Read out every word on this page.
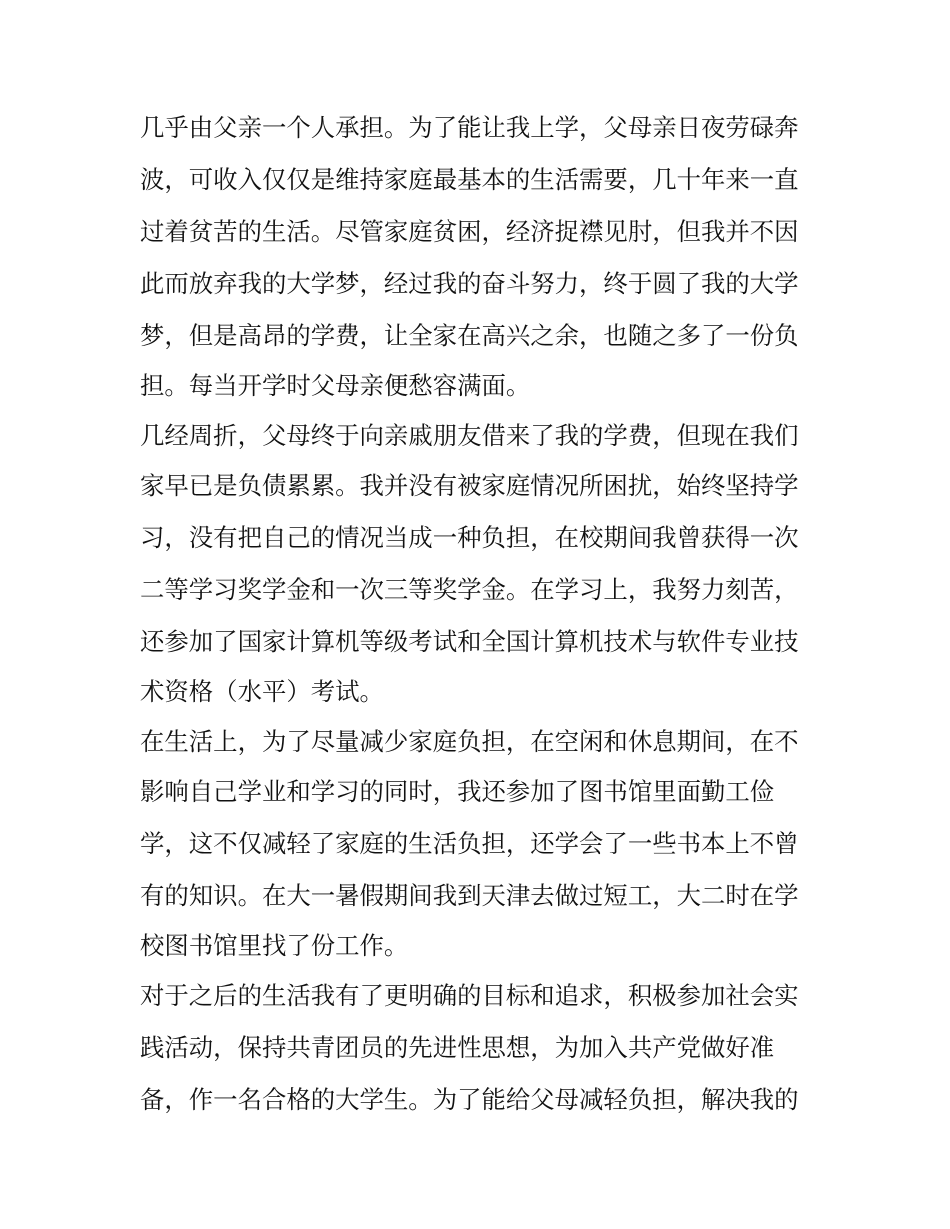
几乎由父亲一个人承担。为了能让我上学，父母亲日夜劳碌奔
波，可收入仅仅是维持家庭最基本的生活需要，几十年来一直
过着贫苦的生活。尽管家庭贫困，经济捉襟见肘，但我并不因
此而放弃我的大学梦，经过我的奋斗努力，终于圆了我的大学
梦，但是高昂的学费，让全家在高兴之余，也随之多了一份负
担。每当开学时父母亲便愁容满面。
几经周折，父母终于向亲戚朋友借来了我的学费，但现在我们
家早已是负债累累。我并没有被家庭情况所困扰，始终坚持学
习，没有把自己的情况当成一种负担，在校期间我曾获得一次
二等学习奖学金和一次三等奖学金。在学习上，我努力刻苦，
还参加了国家计算机等级考试和全国计算机技术与软件专业技
术资格（水平）考试。
在生活上，为了尽量减少家庭负担，在空闲和休息期间，在不
影响自己学业和学习的同时，我还参加了图书馆里面勤工俭
学，这不仅减轻了家庭的生活负担，还学会了一些书本上不曾
有的知识。在大一暑假期间我到天津去做过短工，大二时在学
校图书馆里找了份工作。
对于之后的生活我有了更明确的目标和追求，积极参加社会实
践活动，保持共青团员的先进性思想，为加入共产党做好准
备，作一名合格的大学生。为了能给父母减轻负担，解决我的
